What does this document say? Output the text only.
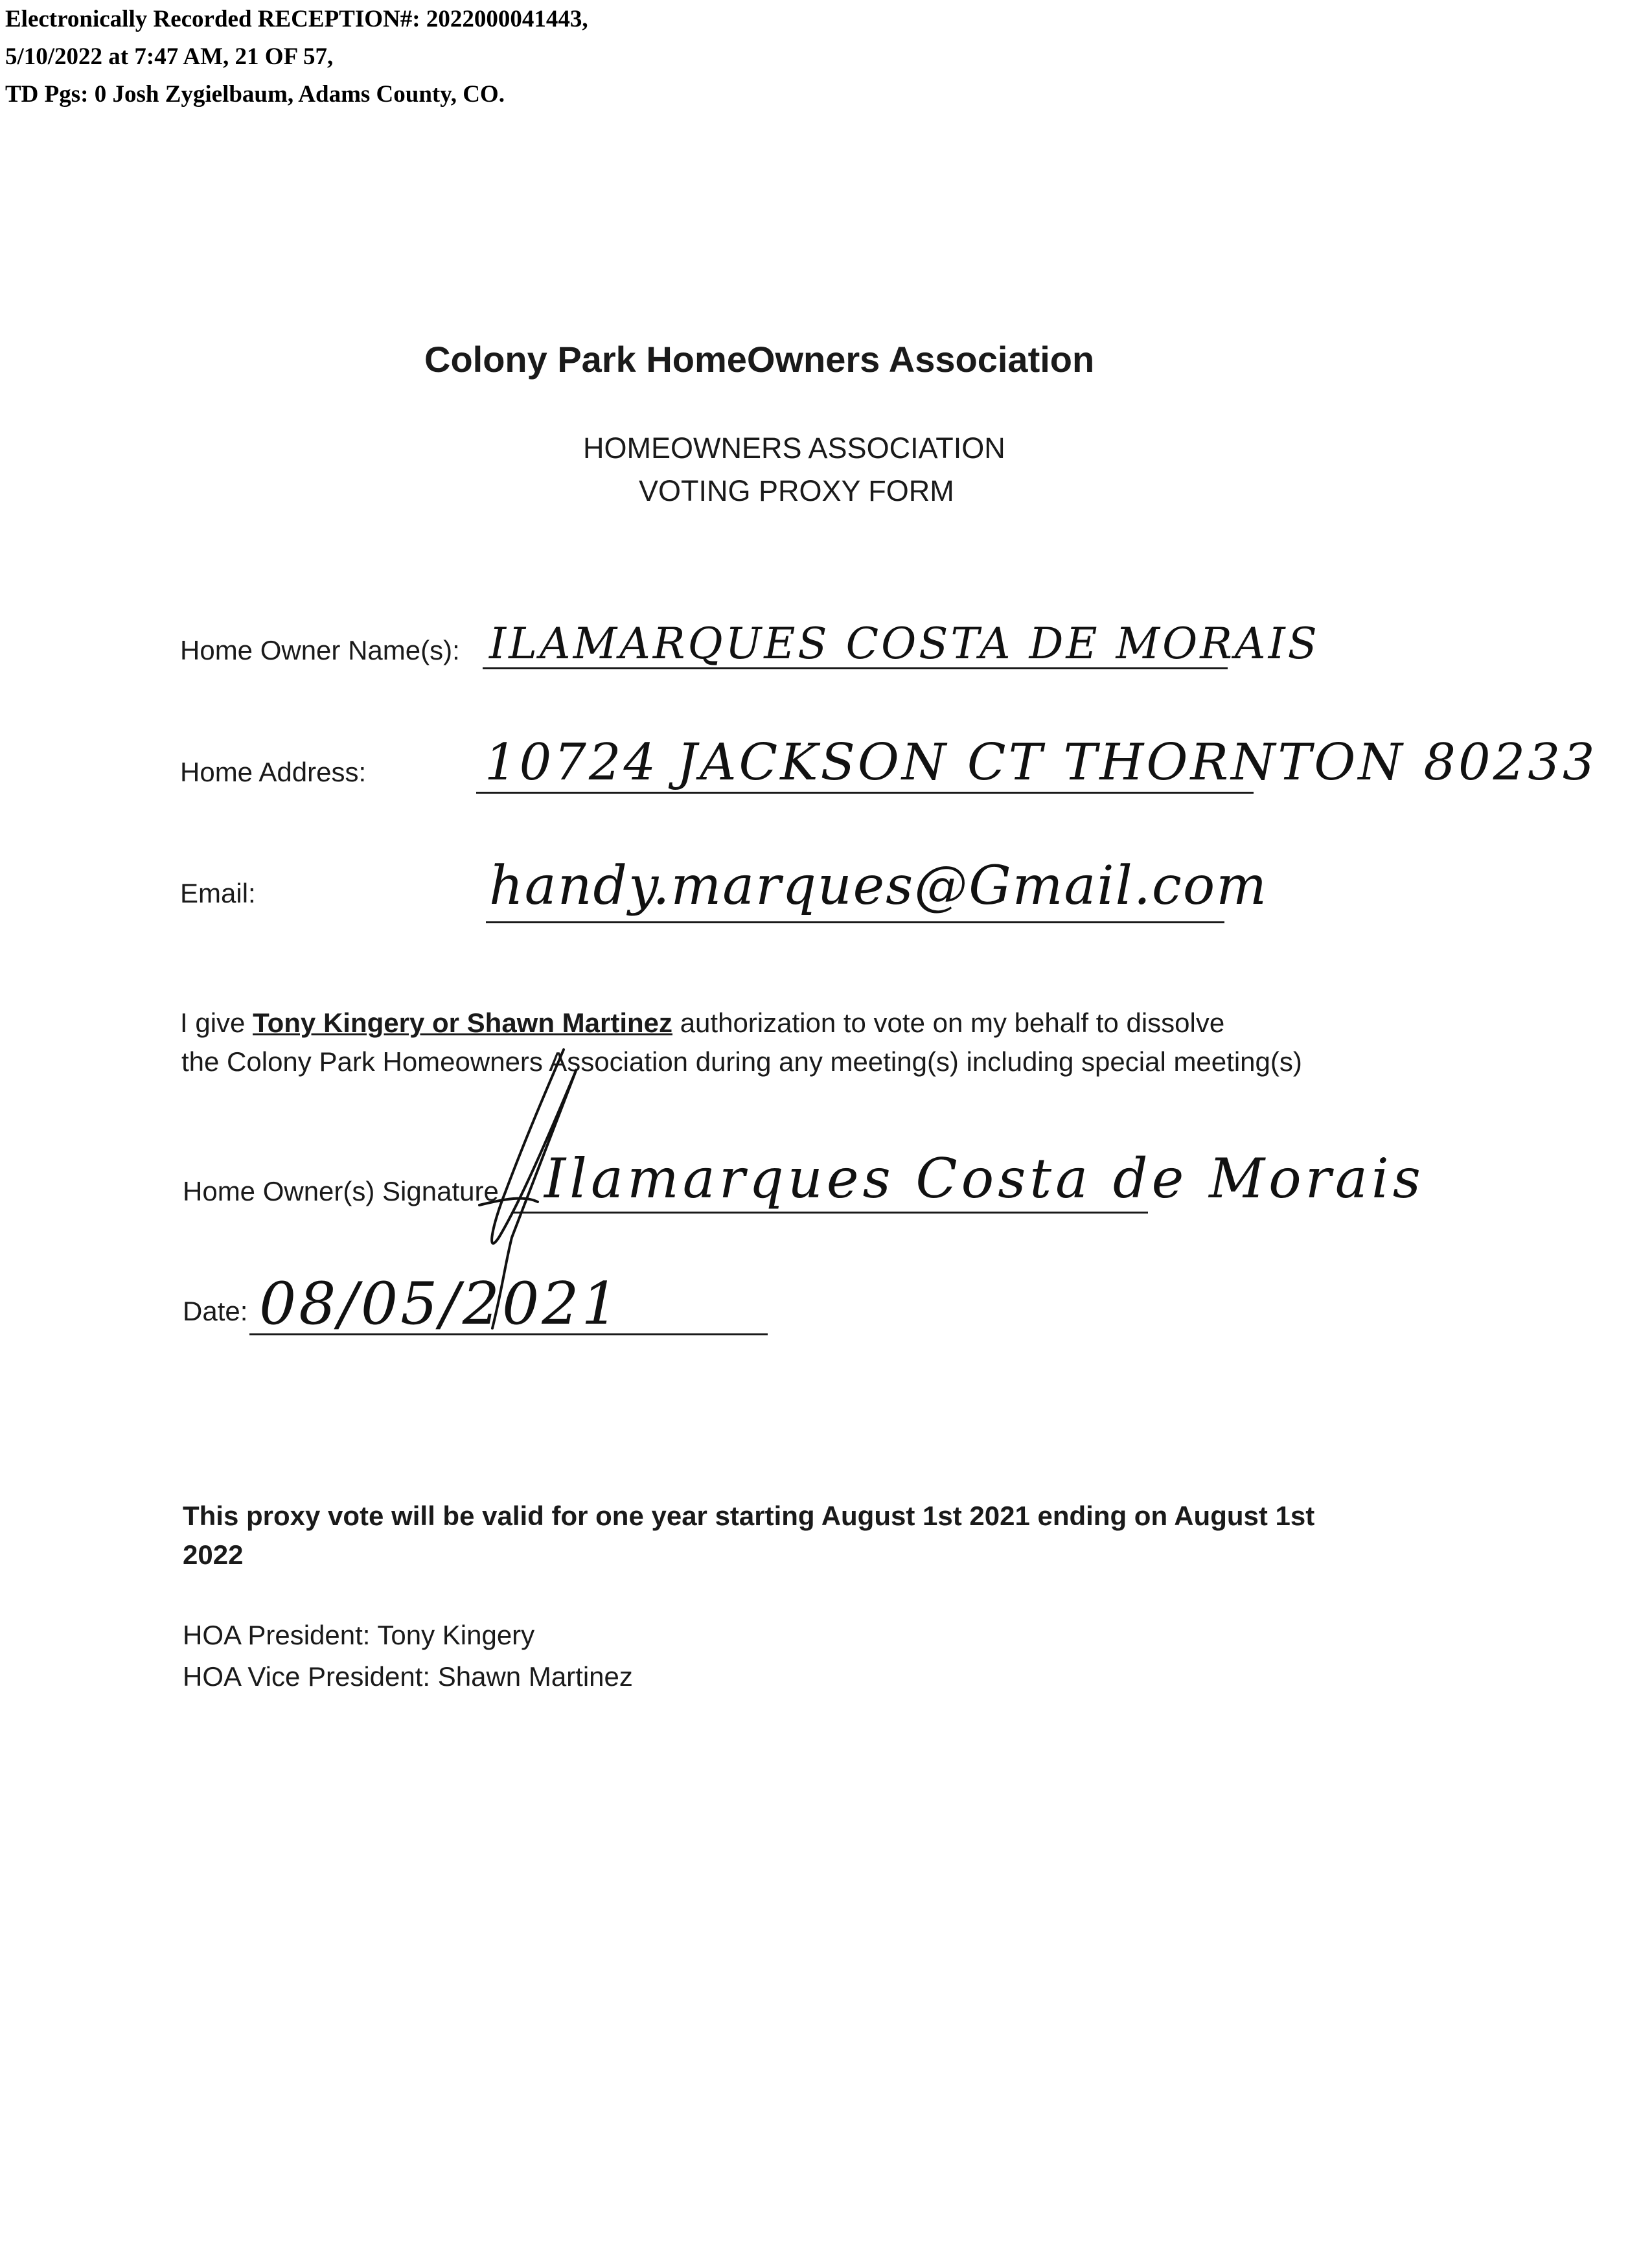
Electronically Recorded RECEPTION#: 2022000041443,
5/10/2022 at 7:47 AM, 21 OF 57,
TD Pgs: 0 Josh Zygielbaum, Adams County, CO.
Colony Park HomeOwners Association
HOMEOWNERS ASSOCIATION
VOTING PROXY FORM
Home Owner Name(s): ILAMARQUES COSTA DE MORAIS
Home Address: 10724 JACKSON CT THORNTON 80233
Email:	handy.marques@Gmail.com
I give Tony Kingery or Shawn Martinez authorization to vote on my behalf to dissolve
the Colony Park Homeowners Association during any meeting(s) including special meeting(s)
Home Owner(s) Signature Ilamarques Costa de Morais
Date: 08/05/2021
This proxy vote will be valid for one year starting August 1st 2021 ending on August 1st
2022
HOA President: Tony Kingery
HOA Vice President: Shawn Martinez
